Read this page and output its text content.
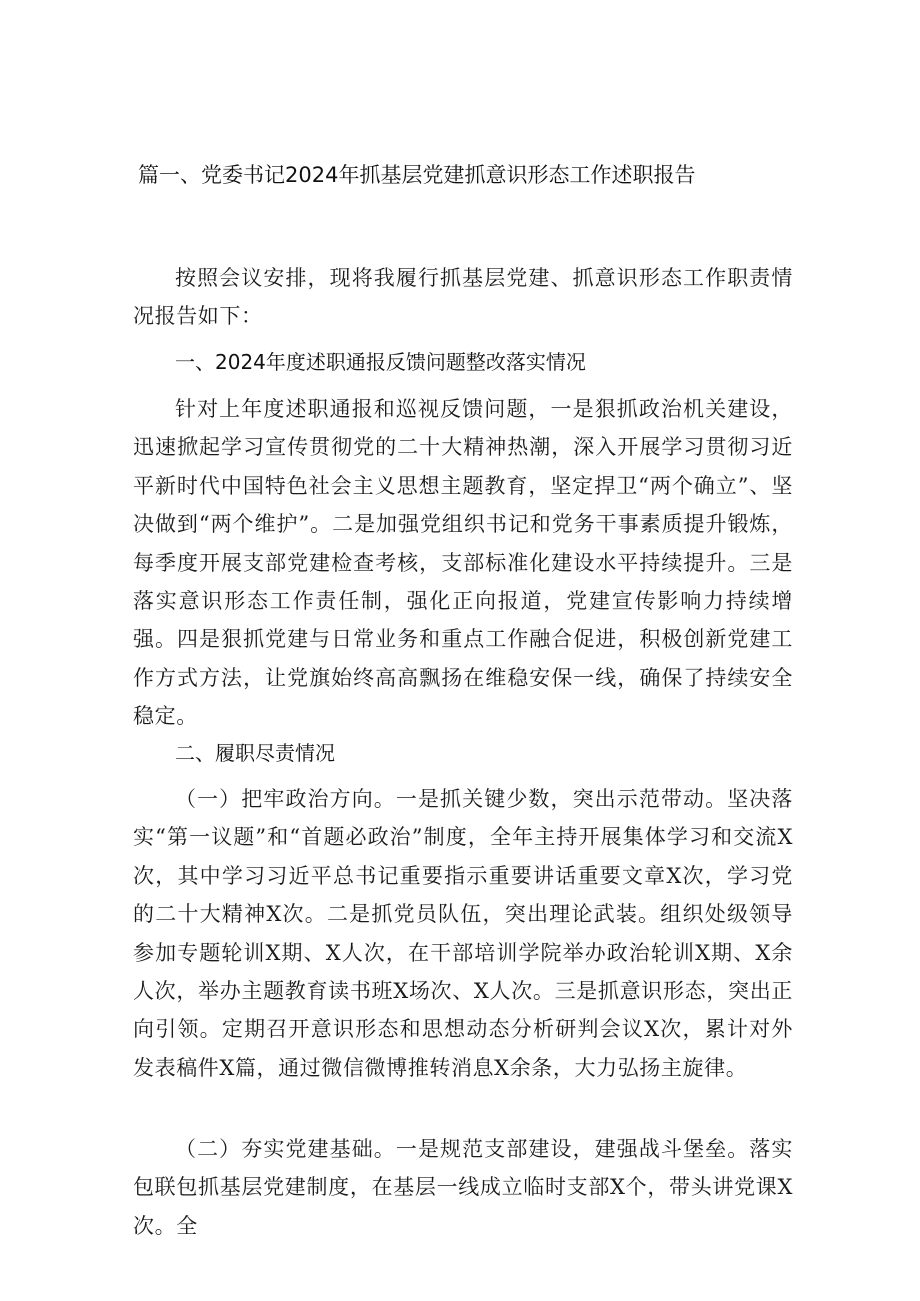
篇一、党委书记2024年抓基层党建抓意识形态工作述职报告

按照会议安排，现将我履行抓基层党建、抓意识形态工作职责情况报告如下：

一、2024年度述职通报反馈问题整改落实情况

针对上年度述职通报和巡视反馈问题，一是狠抓政治机关建设，迅速掀起学习宣传贯彻党的二十大精神热潮，深入开展学习贯彻习近平新时代中国特色社会主义思想主题教育，坚定捍卫“两个确立”、坚决做到“两个维护”。二是加强党组织书记和党务干事素质提升锻炼，每季度开展支部党建检查考核，支部标准化建设水平持续提升。三是落实意识形态工作责任制，强化正向报道，党建宣传影响力持续增强。四是狠抓党建与日常业务和重点工作融合促进，积极创新党建工作方式方法，让党旗始终高高飘扬在维稳安保一线，确保了持续安全稳定。

二、履职尽责情况

（一）把牢政治方向。一是抓关键少数，突出示范带动。坚决落实“第一议题”和“首题必政治”制度，全年主持开展集体学习和交流X次，其中学习习近平总书记重要指示重要讲话重要文章X次，学习党的二十大精神X次。二是抓党员队伍，突出理论武装。组织处级领导参加专题轮训X期、X人次，在干部培训学院举办政治轮训X期、X余人次，举办主题教育读书班X场次、X人次。三是抓意识形态，突出正向引领。定期召开意识形态和思想动态分析研判会议X次，累计对外发表稿件X篇，通过微信微博推转消息X余条，大力弘扬主旋律。

（二）夯实党建基础。一是规范支部建设，建强战斗堡垒。落实包联包抓基层党建制度，在基层一线成立临时支部X个，带头讲党课X次。全
